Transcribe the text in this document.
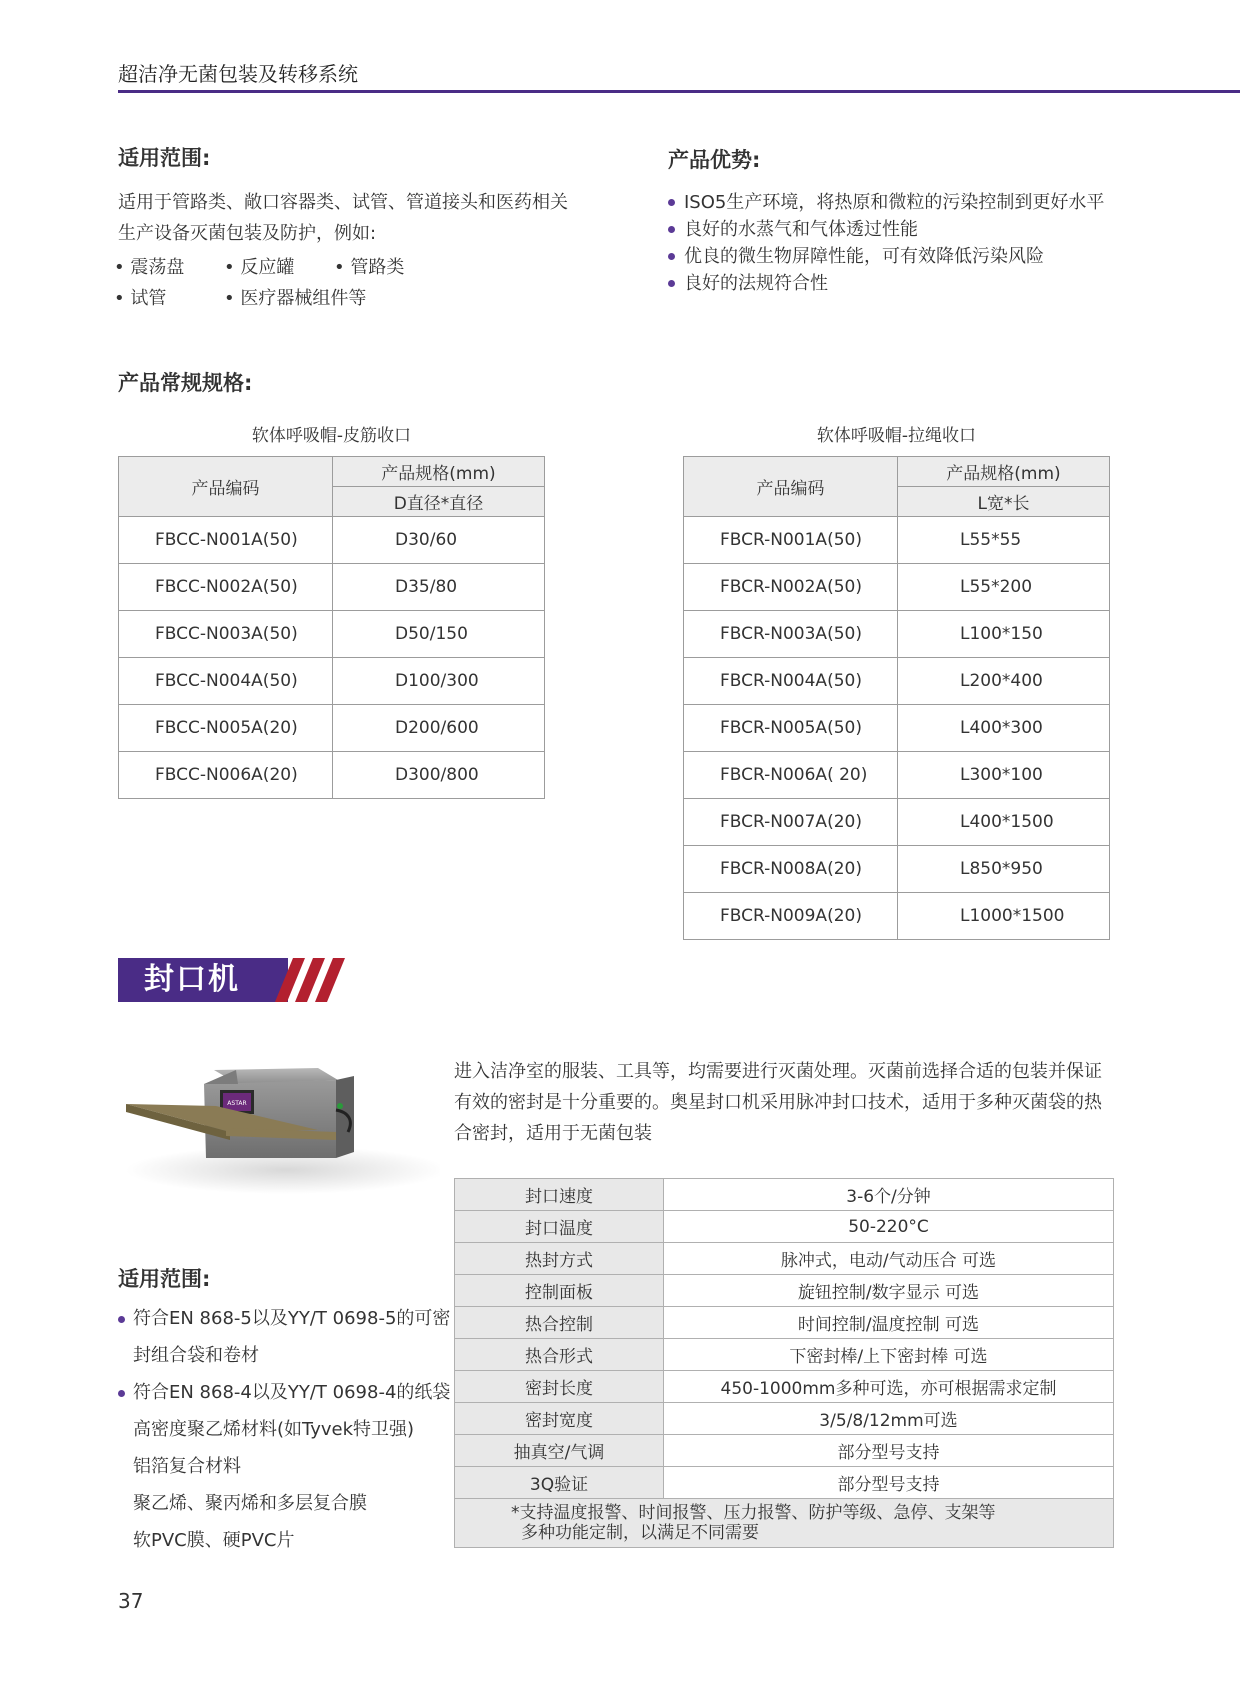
超洁净无菌包装及转移系统
适用范围:
适用于管路类、敞口容器类、试管、管道接头和医药相关
生产设备灭菌包装及防护，例如:
• 震荡盘	• 反应罐	• 管路类
• 试管	• 医疗器械组件等
产品优势:
ISO5生产环境，将热原和微粒的污染控制到更好水平
良好的水蒸气和气体透过性能
优良的微生物屏障性能，可有效降低污染风险
良好的法规符合性
产品常规规格:
软体呼吸帽-皮筋收口
产品编码	产品规格(mm)
	D直径*直径
FBCC-N001A(50)	D30/60
FBCC-N002A(50)	D35/80
FBCC-N003A(50)	D50/150
FBCC-N004A(50)	D100/300
FBCC-N005A(20)	D200/600
FBCC-N006A(20)	D300/800
软体呼吸帽-拉绳收口
产品编码	产品规格(mm)
	L宽*长
FBCR-N001A(50)	L55*55
FBCR-N002A(50)	L55*200
FBCR-N003A(50)	L100*150
FBCR-N004A(50)	L200*400
FBCR-N005A(50)	L400*300
FBCR-N006A( 20)	L300*100
FBCR-N007A(20)	L400*1500
FBCR-N008A(20)	L850*950
FBCR-N009A(20)	L1000*1500
封口机
ASTAR
进入洁净室的服装、工具等，均需要进行灭菌处理。灭菌前选择合适的包装并保证
有效的密封是十分重要的。奥星封口机采用脉冲封口技术，适用于多种灭菌袋的热
合密封，适用于无菌包装
封口速度	3-6个/分钟
封口温度	50-220°C
热封方式	脉冲式，电动/气动压合 可选
控制面板	旋钮控制/数字显示 可选
热合控制	时间控制/温度控制 可选
热合形式	下密封棒/上下密封棒 可选
密封长度	450-1000mm多种可选，亦可根据需求定制
密封宽度	3/5/8/12mm可选
抽真空/气调	部分型号支持
3Q验证	部分型号支持

*支持温度报警、时间报警、压力报警、防护等级、急停、支架等
多种功能定制，以满足不同需要	
适用范围:
符合EN 868-5以及YY/T 0698-5的可密
封组合袋和卷材
符合EN 868-4以及YY/T 0698-4的纸袋
高密度聚乙烯材料(如Tyvek特卫强)
铝箔复合材料
聚乙烯、聚丙烯和多层复合膜
软PVC膜、硬PVC片
37
